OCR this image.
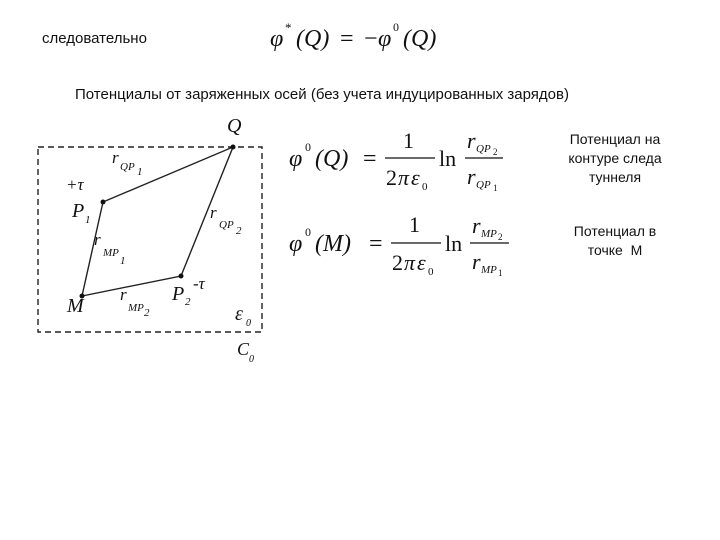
следовательно	φ * (Q) = − φ 0 (Q)
Потенциалы от заряженных осей (без учета индуцированных зарядов)
Q
r QP 1
+τ
P 1	r
QP 2
r
MP
1
M
r
MP 2
P 2
-τ
ε 0
C
0
φ 0 (Q) =
1
2 π ε 0
ln
r QP 2
r QP 1
φ 0 (M) =
1
2 π ε 0
ln
r MP 2
r MP 1
Потенциал на
контуре следа
туннеля
Потенциал в
точке  М
